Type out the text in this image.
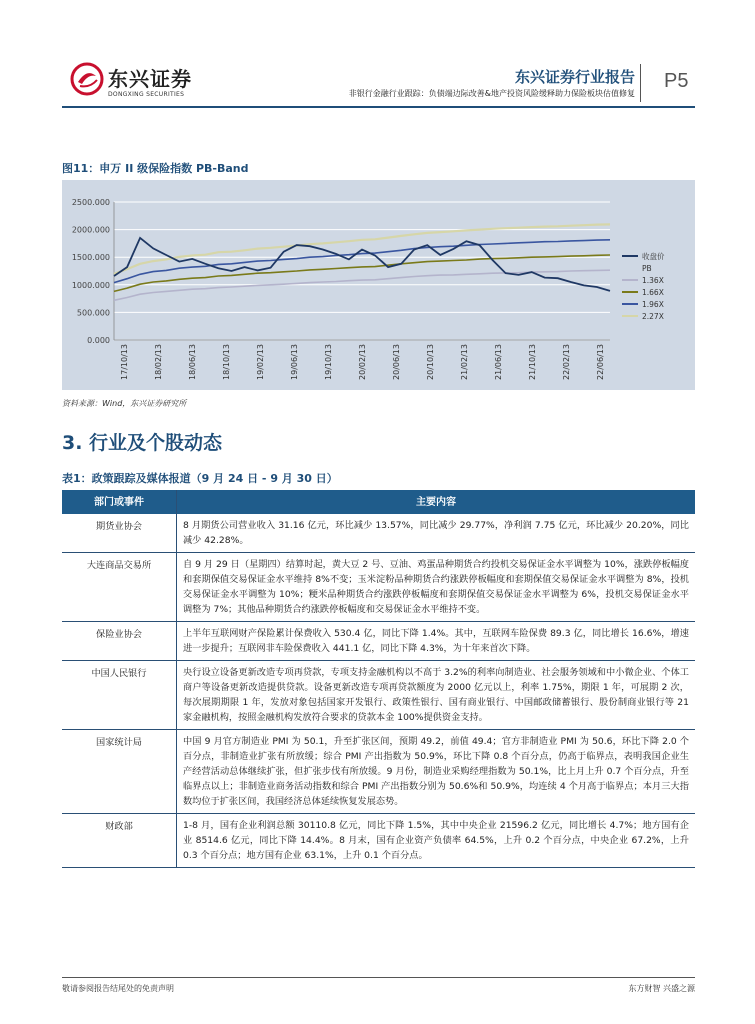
东兴证券
DONGXING SECURITIES
东兴证券行业报告
非银行金融行业跟踪：负债端边际改善&地产投资风险缓释助力保险板块估值修复
P5
图11：申万 II 级保险指数 PB-Band
0.000
500.000
1000.000
1500.000
2000.000
2500.000
17/10/13	18/02/13	18/06/13	18/10/13	19/02/13	19/06/13	19/10/13	20/02/13	20/06/13	20/10/13	21/02/13	21/06/13	21/10/13	22/02/13	22/06/13
收盘价
PB
1.36X
1.66X
1.96X
2.27X
资料来源：Wind，东兴证券研究所
3. 行业及个股动态
表1：政策跟踪及媒体报道（9 月 24 日 - 9 月 30 日）
部门或事件	主要内容
期货业协会	8 月期货公司营业收入 31.16 亿元，环比减少 13.57%，同比减少 29.77%，净利润 7.75 亿元，环比减少 20.20%，同比减少 42.28%。
大连商品交易所	自 9 月 29 日（星期四）结算时起，黄大豆 2 号、豆油、鸡蛋品种期货合约投机交易保证金水平调整为 10%，涨跌停板幅度和套期保值交易保证金水平维持 8%不变；玉米淀粉品种期货合约涨跌停板幅度和套期保值交易保证金水平调整为 8%，投机交易保证金水平调整为 10%；粳米品种期货合约涨跌停板幅度和套期保值交易保证金水平调整为 6%，投机交易保证金水平调整为 7%；其他品种期货合约涨跌停板幅度和交易保证金水平维持不变。
保险业协会	上半年互联网财产保险累计保费收入 530.4 亿，同比下降 1.4%。其中，互联网车险保费 89.3 亿，同比增长 16.6%，增速进一步提升；互联网非车险保费收入 441.1 亿，同比下降 4.3%，为十年来首次下降。
中国人民银行	央行设立设备更新改造专项再贷款，专项支持金融机构以不高于 3.2%的利率向制造业、社会服务领域和中小微企业、个体工商户等设备更新改造提供贷款。设备更新改造专项再贷款额度为 2000 亿元以上，利率 1.75%，期限 1 年，可展期 2 次，每次展期期限 1 年，发放对象包括国家开发银行、政策性银行、国有商业银行、中国邮政储蓄银行、股份制商业银行等 21 家金融机构，按照金融机构发放符合要求的贷款本金 100%提供资金支持。
国家统计局	中国 9 月官方制造业 PMI 为 50.1，升至扩张区间，预期 49.2，前值 49.4；官方非制造业 PMI 为 50.6，环比下降 2.0 个百分点，非制造业扩张有所放缓；综合 PMI 产出指数为 50.9%，环比下降 0.8 个百分点，仍高于临界点，表明我国企业生产经营活动总体继续扩张，但扩张步伐有所放缓。9 月份，制造业采购经理指数为 50.1%，比上月上升 0.7 个百分点，升至临界点以上；非制造业商务活动指数和综合 PMI 产出指数分别为 50.6%和 50.9%，均连续 4 个月高于临界点；本月三大指数均位于扩张区间，我国经济总体延续恢复发展态势。
财政部	1-8 月，国有企业利润总额 30110.8 亿元，同比下降 1.5%，其中中央企业 21596.2 亿元，同比增长 4.7%；地方国有企业 8514.6 亿元，同比下降 14.4%。8 月末，国有企业资产负债率 64.5%，上升 0.2 个百分点，中央企业 67.2%，上升 0.3 个百分点；地方国有企业 63.1%，上升 0.1 个百分点。
敬请参阅报告结尾处的免责声明	东方财智 兴盛之源
